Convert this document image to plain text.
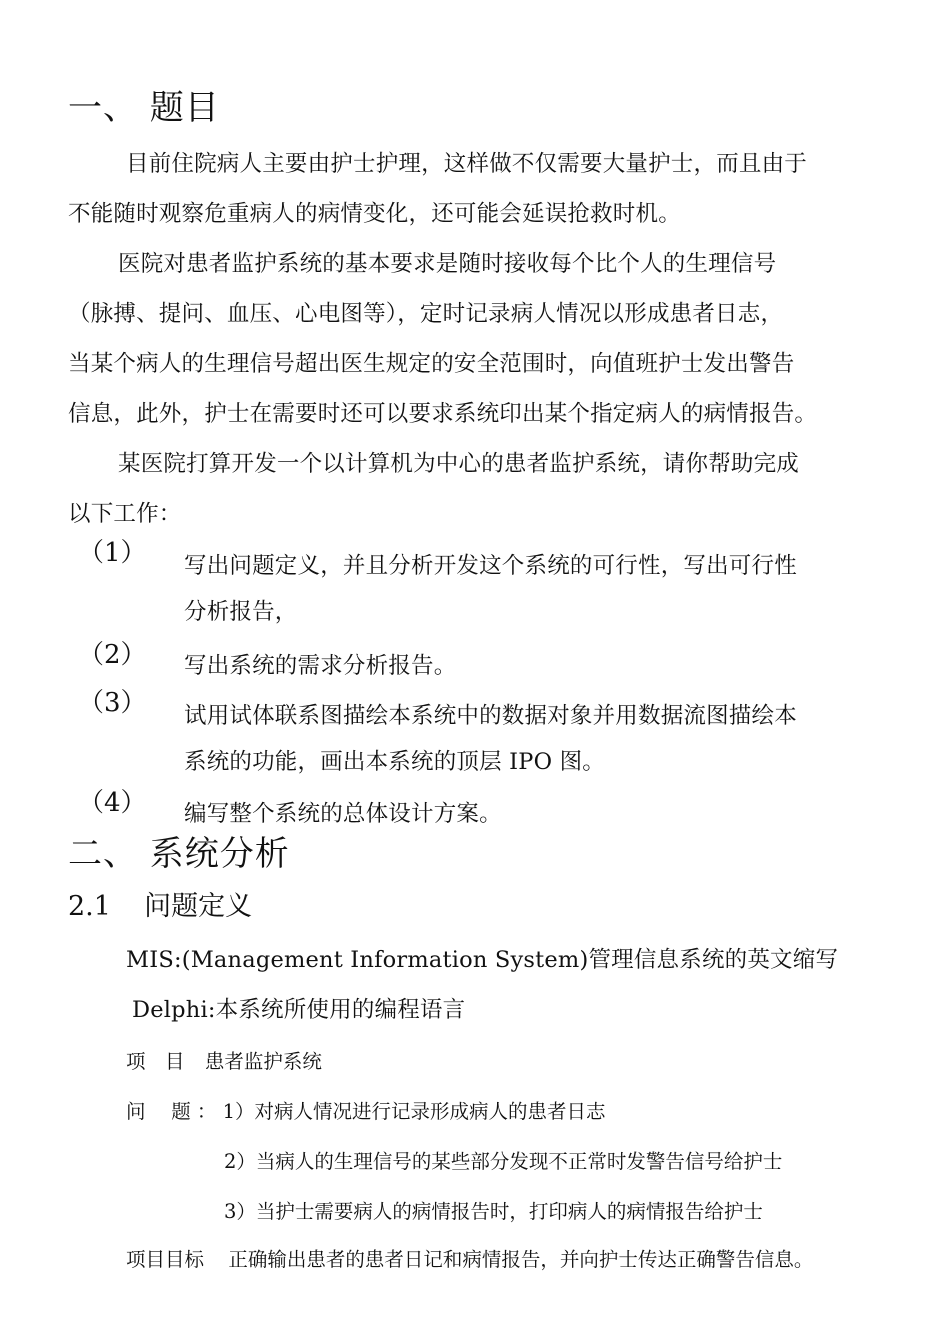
一、 题目
目前住院病人主要由护士护理，这样做不仅需要大量护士，而且由于
不能随时观察危重病人的病情变化，还可能会延误抢救时机。
医院对患者监护系统的基本要求是随时接收每个比个人的生理信号
（脉搏、提问、血压、心电图等），定时记录病人情况以形成患者日志，
当某个病人的生理信号超出医生规定的安全范围时，向值班护士发出警告
信息，此外，护士在需要时还可以要求系统印出某个指定病人的病情报告。
某医院打算开发一个以计算机为中心的患者监护系统，请你帮助完成
以下工作：
（1） 写出问题定义，并且分析开发这个系统的可行性，写出可行性
分析报告，
（2） 写出系统的需求分析报告。
（3） 试用试体联系图描绘本系统中的数据对象并用数据流图描绘本
系统的功能，画出本系统的顶层 IPO 图。
（4） 编写整个系统的总体设计方案。
二、 系统分析
2.1 问题定义
MIS:(Management Information System)管理信息系统的英文缩写
Delphi:本系统所使用的编程语言
项　目 患者监护系统
问　 题 ： 1）对病人情况进行记录形成病人的患者日志
2）当病人的生理信号的某些部分发现不正常时发警告信号给护士
3）当护士需要病人的病情报告时，打印病人的病情报告给护士
项目目标 正确输出患者的患者日记和病情报告，并向护士传达正确警告信息。
